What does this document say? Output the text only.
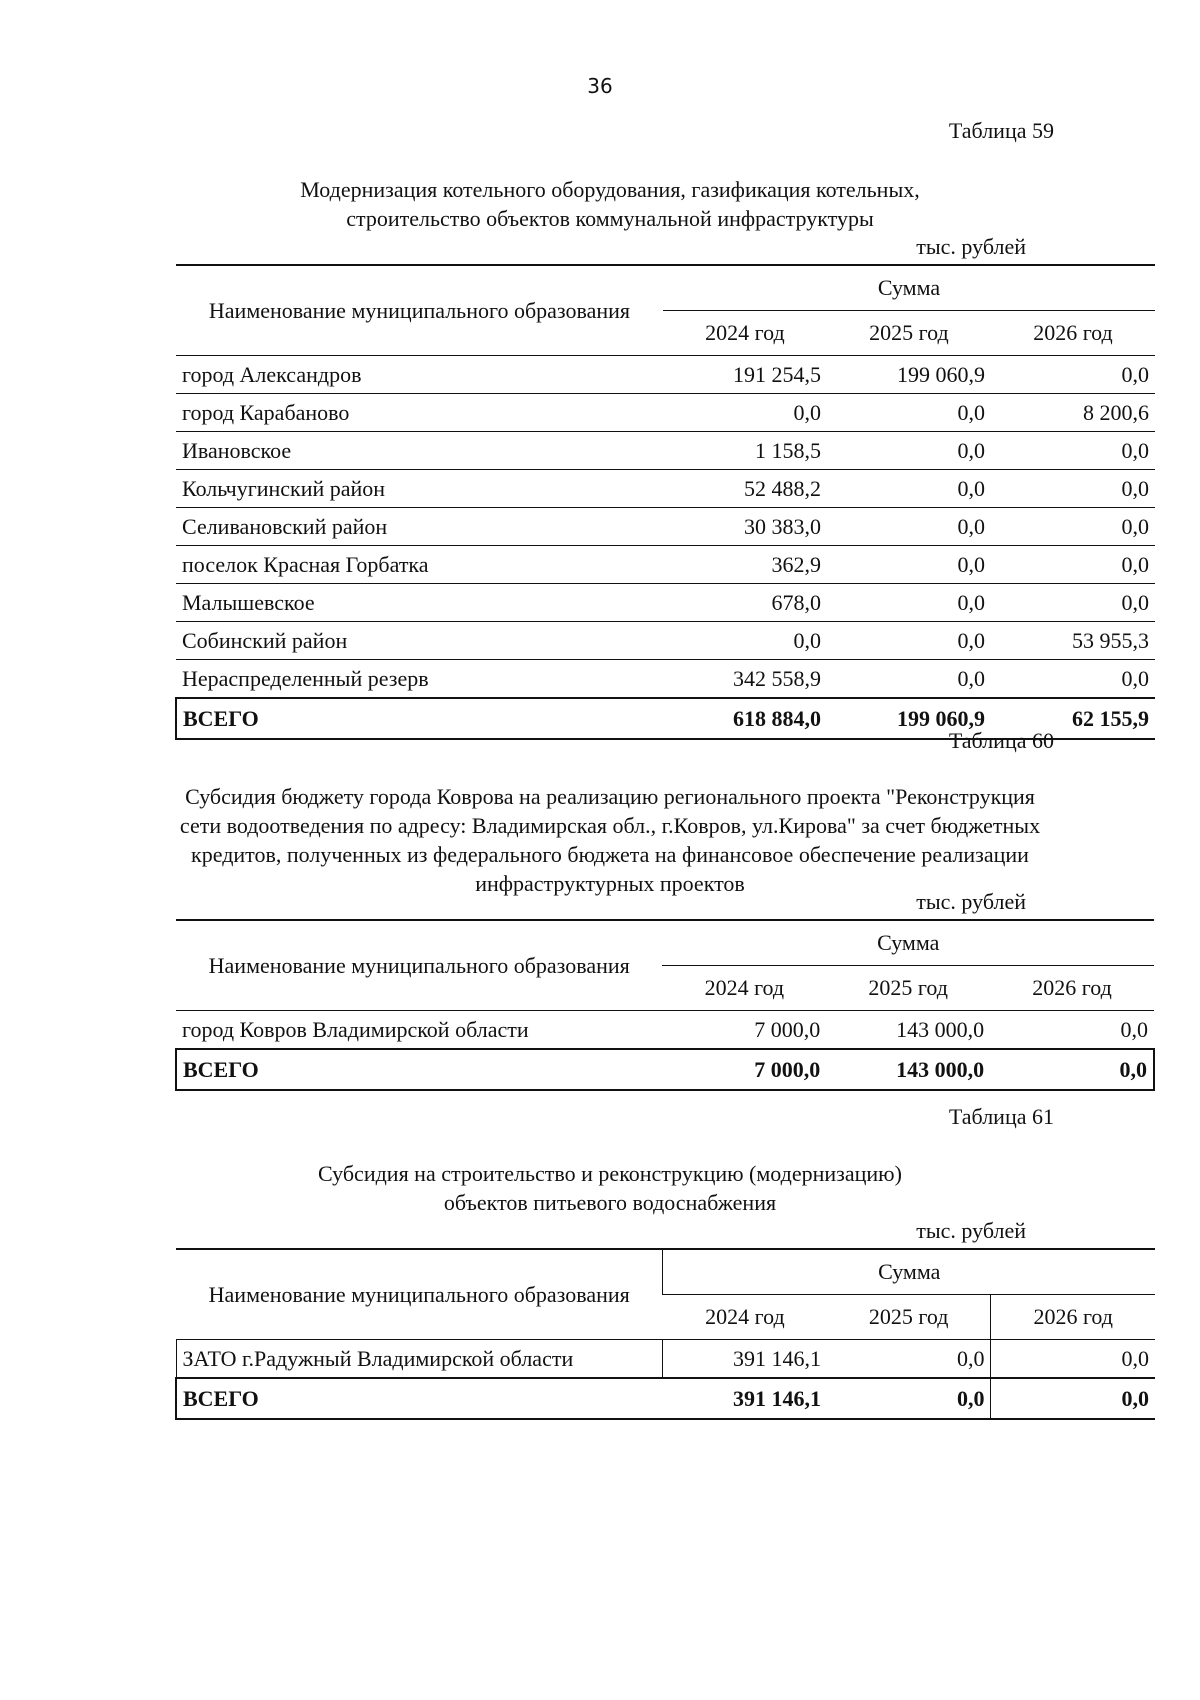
36
Таблица 59
Модернизация котельного оборудования, газификация котельных,
строительство объектов коммунальной инфраструктуры
тыс. рублей
Наименование муниципального образования	Сумма		
	2024 год	2025 год	2026 год
город Александров	191 254,5	199 060,9	0,0
город Карабаново	0,0	0,0	8 200,6
Ивановское	1 158,5	0,0	0,0
Кольчугинский район	52 488,2	0,0	0,0
Селивановский район	30 383,0	0,0	0,0
поселок Красная Горбатка	362,9	0,0	0,0
Малышевское	678,0	0,0	0,0
Собинский район	0,0	0,0	53 955,3
Нераспределенный резерв	342 558,9	0,0	0,0
ВСЕГО	618 884,0	199 060,9	62 155,9
Таблица 60
Субсидия бюджету города Коврова на реализацию регионального проекта "Реконструкция
сети водоотведения по адресу: Владимирская обл., г.Ковров, ул.Кирова" за счет бюджетных
кредитов, полученных из федерального бюджета на финансовое обеспечение реализации
инфраструктурных проектов
тыс. рублей
Наименование муниципального образования	Сумма		
	2024 год	2025 год	2026 год
город Ковров Владимирской области	7 000,0	143 000,0	0,0
ВСЕГО	7 000,0	143 000,0	0,0
Таблица 61
Субсидия на строительство и реконструкцию (модернизацию)
объектов питьевого водоснабжения
тыс. рублей
Наименование муниципального образования	Сумма		
	2024 год	2025 год	2026 год
ЗАТО г.Радужный Владимирской области	391 146,1	0,0	0,0
ВСЕГО	391 146,1	0,0	0,0
